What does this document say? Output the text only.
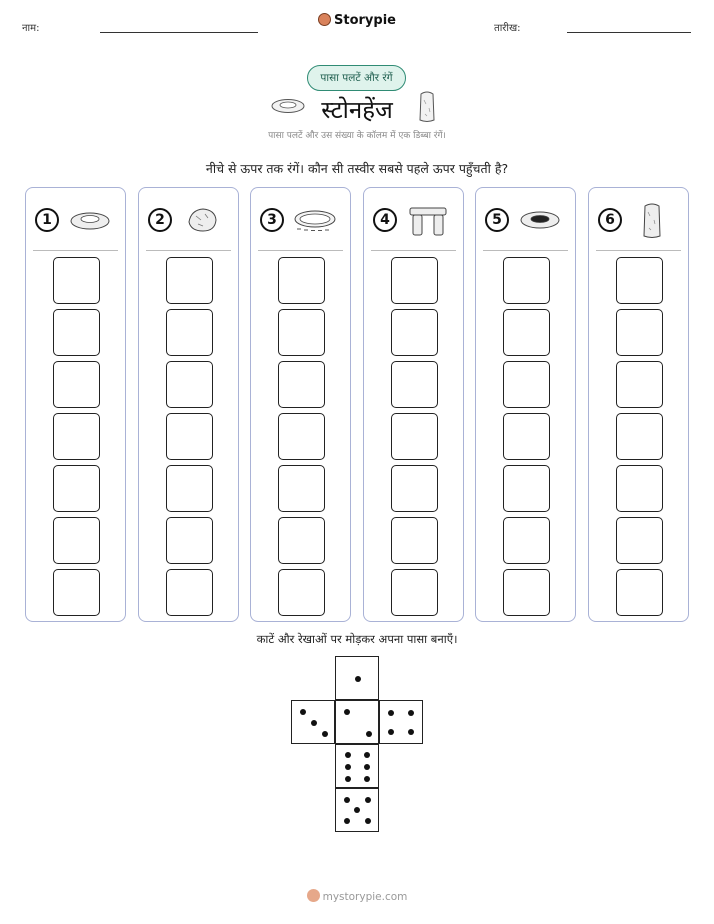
नाम:
Storypie
तारीख:
पासा पलटें और रंगें
स्टोनहेंज
पासा पलटें और उस संख्या के कॉलम में एक डिब्बा रंगें।
नीचे से ऊपर तक रंगें। कौन सी तस्वीर सबसे पहले ऊपर पहुँचती है?
1	2	3	4	5	6
काटें और रेखाओं पर मोड़कर अपना पासा बनाएँ।
mystorypie.com
